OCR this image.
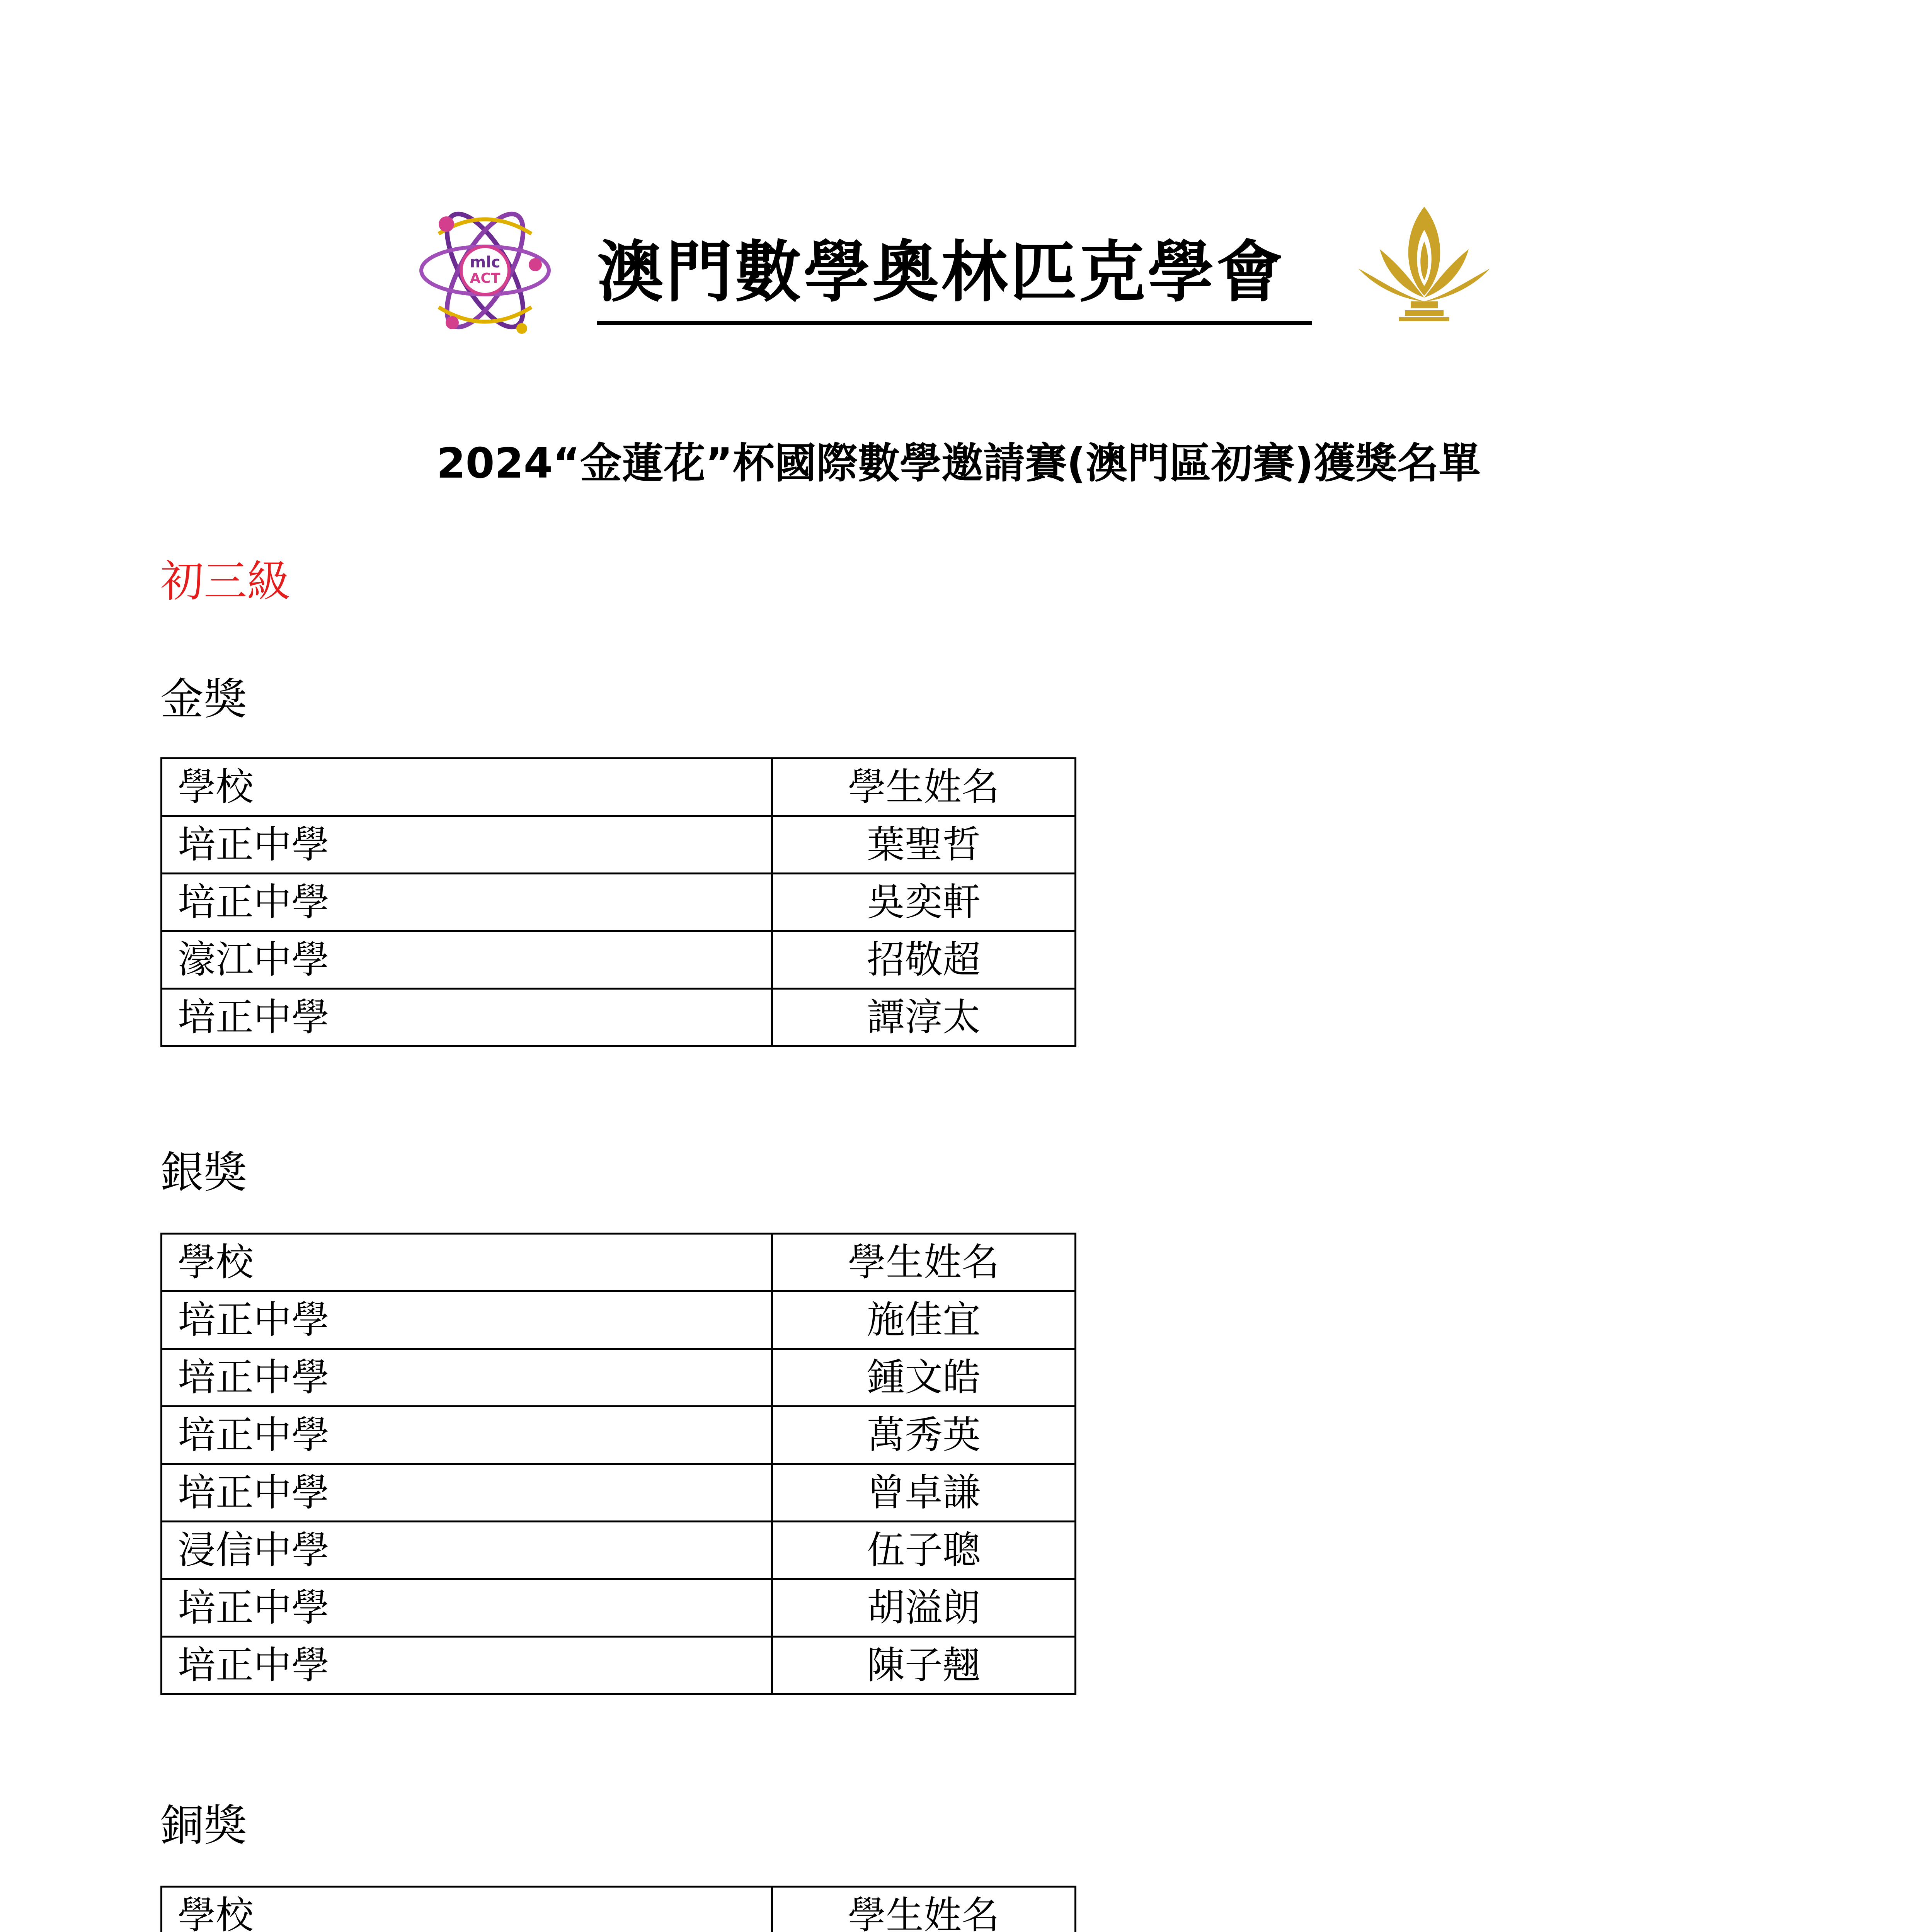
mlc
ACT 澳門數學奧林匹克學會
2024“金蓮花”杯國際數學邀請賽(澳門區初賽)獲獎名單
初三級
金獎
學校	學生姓名
培正中學	葉聖哲
培正中學	吳奕軒
濠江中學	招敬超
培正中學	譚淳太
銀獎
學校	學生姓名
培正中學	施佳宜
培正中學	鍾文皓
培正中學	萬秀英
培正中學	曾卓謙
浸信中學	伍子聰
培正中學	胡溢朗
培正中學	陳子翹
銅獎
學校	學生姓名
